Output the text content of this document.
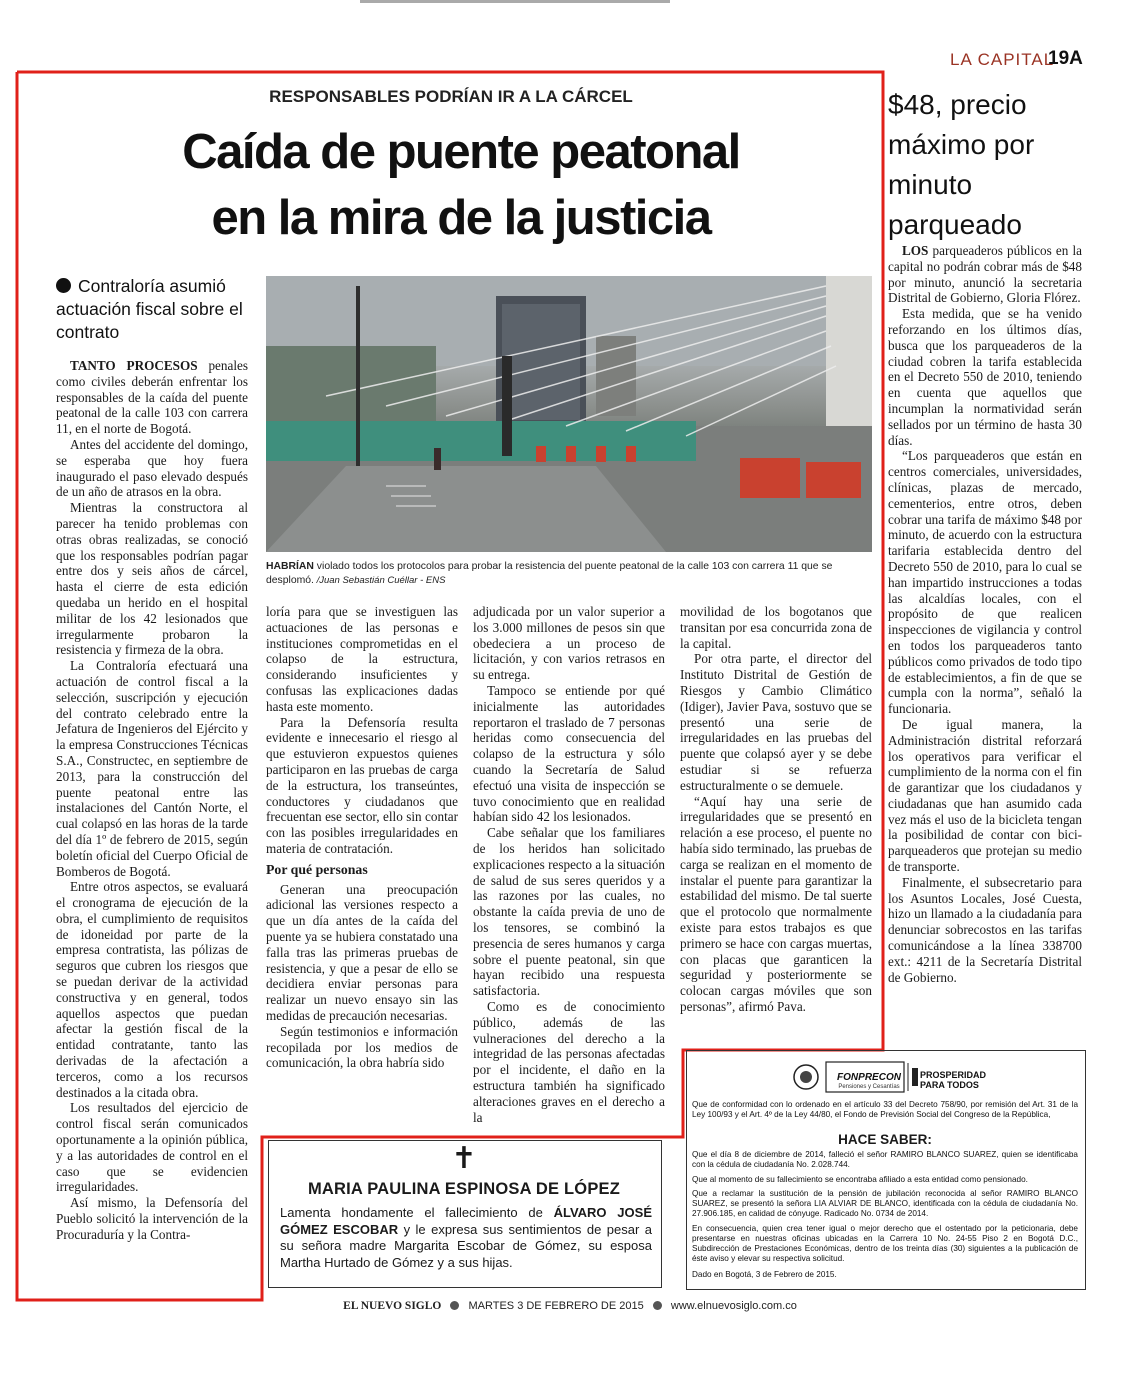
LA CAPITAL
19A
RESPONSABLES PODRÍAN IR A LA CÁRCEL
Caída de puente peatonal
en la mira de la justicia
Contraloría asumió actuación fiscal sobre el contrato
HABRÍAN violado todos los protocolos para probar la resistencia del puente peatonal de la calle 103 con carrera 11 que se desplomó. /Juan Sebastián Cuéllar - ENS

TANTO PROCESOS penales como civiles deberán enfrentar los responsables de la caída del puente peatonal de la calle 103 con carrera 11, en el norte de Bogotá.

Antes del accidente del domingo, se esperaba que hoy fuera inaugurado el paso elevado después de un año de atrasos en la obra.

Mientras la constructora al parecer ha tenido problemas con otras obras realizadas, se conoció que los responsables podrían pagar entre dos y seis años de cárcel, hasta el cierre de esta edición quedaba un herido en el hospital militar de los 42 lesionados que irregularmente probaron la resistencia y firmeza de la obra.

La Contraloría efectuará una actuación de control fiscal a la selección, suscripción y ejecución del contrato celebrado entre la Jefatura de Ingenieros del Ejército y la empresa Construcciones Técnicas S.A., Constructec, en septiembre de 2013, para la construcción del puente peatonal entre las instalaciones del Cantón Norte, el cual colapsó en las horas de la tarde del día 1º de febrero de 2015, según boletín oficial del Cuerpo Oficial de Bomberos de Bogotá.

Entre otros aspectos, se evaluará el cronograma de ejecución de la obra, el cumplimiento de requisitos de idoneidad por parte de la empresa contratista, las pólizas de seguros que cubren los riesgos que se puedan derivar de la actividad constructiva y en general, todos aquellos aspectos que puedan afectar la gestión fiscal de la entidad contratante, tanto las derivadas de la afectación a terceros, como a los recursos destinados a la citada obra.

Los resultados del ejercicio de control fiscal serán comunicados oportunamente a la opinión pública, y a las autoridades de control en el caso que se evidencien irregularidades.

Así mismo, la Defensoría del Pueblo solicitó la intervención de la Procuraduría y la Contra-

loría para que se investiguen las actuaciones de las personas e instituciones comprometidas en el colapso de la estructura, considerando insuficientes y confusas las explicaciones dadas hasta este momento.

Para la Defensoría resulta evidente e innecesario el riesgo al que estuvieron expuestos quienes participaron en las pruebas de carga de la estructura, los transeúntes, conductores y ciudadanos que frecuentan ese sector, ello sin contar con las posibles irregularidades en materia de contratación.

Por qué personas

Generan una preocupación adicional las versiones respecto a que un día antes de la caída del puente ya se hubiera constatado una falla tras las primeras pruebas de resistencia, y que a pesar de ello se decidiera enviar personas para realizar un nuevo ensayo sin las medidas de precaución necesarias.

Según testimonios e información recopilada por los medios de comunicación, la obra habría sido

adjudicada por un valor superior a los 3.000 millones de pesos sin que obedeciera a un proceso de licitación, y con varios retrasos en su entrega.

Tampoco se entiende por qué inicialmente las autoridades reportaron el traslado de 7 personas heridas como consecuencia del colapso de la estructura y sólo cuando la Secretaría de Salud efectuó una visita de inspección se tuvo conocimiento que en realidad habían sido 42 los lesionados.

Cabe señalar que los familiares de los heridos han solicitado explicaciones respecto a la situación de salud de sus seres queridos y a las razones por las cuales, no obstante la caída previa de uno de los tensores, se combinó la presencia de seres humanos y carga sobre el puente peatonal, sin que hayan recibido una respuesta satisfactoria.

Como es de conocimiento público, además de las vulneraciones del derecho a la integridad de las personas afectadas por el incidente, el daño en la estructura también ha significado alteraciones graves en el derecho a la

movilidad de los bogotanos que transitan por esa concurrida zona de la capital.

Por otra parte, el director del Instituto Distrital de Gestión de Riesgos y Cambio Climático (Idiger), Javier Pava, sostuvo que se presentó una serie de irregularidades en las pruebas del puente que colapsó ayer y se debe estudiar si se refuerza estructuralmente o se demuele.

“Aquí hay una serie de irregularidades que se presentó en relación a ese proceso, el puente no había sido terminado, las pruebas de carga se realizan en el momento de instalar el puente para garantizar la estabilidad del mismo. De tal suerte que el protocolo que normalmente existe para estos trabajos es que primero se hace con cargas muertas, con placas que garanticen la seguridad y posteriormente se colocan cargas móviles que son personas”, afirmó Pava.

$48, precio máximo por minuto parqueado

LOS parqueaderos públicos en la capital no podrán cobrar más de $48 por minuto, anunció la secretaria Distrital de Gobierno, Gloria Flórez.

Esta medida, que se ha venido reforzando en los últimos días, busca que los parqueaderos de la ciudad cobren la tarifa establecida en el Decreto 550 de 2010, teniendo en cuenta que aquellos que incumplan la normatividad serán sellados por un término de hasta 30 días.

“Los parqueaderos que están en centros comerciales, universidades, clínicas, plazas de mercado, cementerios, entre otros, deben cobrar una tarifa de máximo $48 por minuto, de acuerdo con la estructura tarifaria establecida dentro del Decreto 550 de 2010, para lo cual se han impartido instrucciones a todas las alcaldías locales, con el propósito de que realicen inspecciones de vigilancia y control en todos los parqueaderos tanto públicos como privados de todo tipo de establecimientos, a fin de que se cumpla con la norma”, señaló la funcionaria.

De igual manera, la Administración distrital reforzará los operativos para verificar el cumplimiento de la norma con el fin de garantizar que los ciudadanos y ciudadanas que han asumido cada vez más el uso de la bicicleta tengan la posibilidad de contar con bici-parqueaderos que protejan su medio de transporte.

Finalmente, el subsecretario para los Asuntos Locales, José Cuesta, hizo un llamado a la ciudadanía para denunciar sobrecostos en las tarifas comunicándose a la línea 338700 ext.: 4211 de la Secretaría Distrital de Gobierno.

✝
MARIA PAULINA ESPINOSA DE LÓPEZ
Lamenta hondamente el fallecimiento de ÁLVARO JOSÉ GÓMEZ ESCOBAR y le expresa sus sentimientos de pesar a su señora madre Margarita Escobar de Gómez, su esposa Martha Hurtado de Gómez y a sus hijas.
FONPRECON
Pensiones y Cesantías
PROSPERIDAD PARA TODOS
Que de conformidad con lo ordenado en el artículo 33 del Decreto 758/90, por remisión del Art. 31 de la Ley 100/93 y el Art. 4º de la Ley 44/80, el Fondo de Previsión Social del Congreso de la República,
HACE SABER:
Que el día 8 de diciembre de 2014, falleció el señor RAMIRO BLANCO SUAREZ, quien se identificaba con la cédula de ciudadanía No. 2.028.744.
Que al momento de su fallecimiento se encontraba afiliado a esta entidad como pensionado.
Que a reclamar la sustitución de la pensión de jubilación reconocida al señor RAMIRO BLANCO SUAREZ, se presentó la señora LIA ALVIAR DE BLANCO, identificada con la cédula de ciudadanía No. 27.906.185, en calidad de cónyuge. Radicado No. 0734 de 2014.
En consecuencia, quien crea tener igual o mejor derecho que el ostentado por la peticionaria, debe presentarse en nuestras oficinas ubicadas en la Carrera 10 No. 24-55 Piso 2 en Bogotá D.C., Subdirección de Prestaciones Económicas, dentro de los treinta días (30) siguientes a la publicación de éste aviso y elevar su respectiva solicitud.
Dado en Bogotá, 3 de Febrero de 2015.
EL NUEVO SIGLO MARTES 3 DE FEBRERO DE 2015 www.elnuevosiglo.com.co
